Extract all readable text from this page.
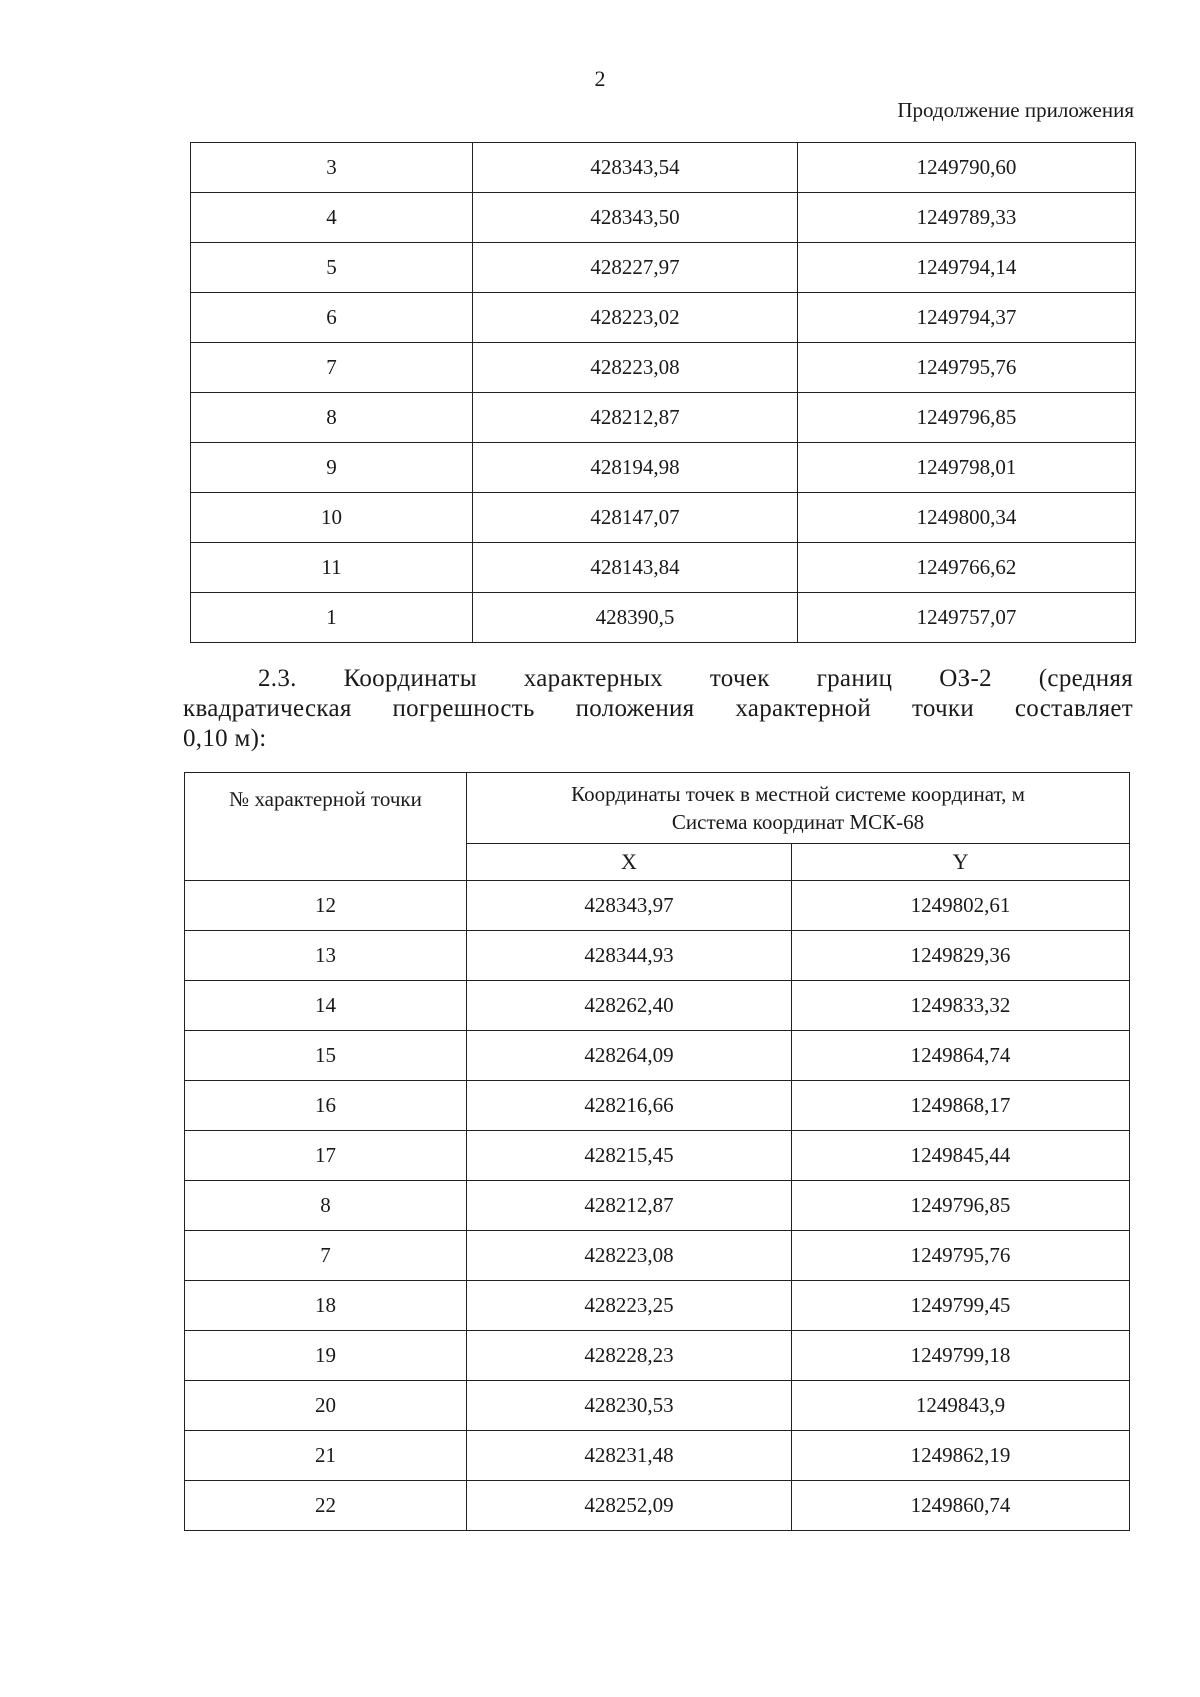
2
Продолжение приложения
3	428343,54	1249790,60
4	428343,50	1249789,33
5	428227,97	1249794,14
6	428223,02	1249794,37
7	428223,08	1249795,76
8	428212,87	1249796,85
9	428194,98	1249798,01
10	428147,07	1249800,34
11	428143,84	1249766,62
1	428390,5	1249757,07
2.3. Координаты характерных точек границ ОЗ-2 (средняя
квадратическая погрешность положения характерной точки составляет
0,10 м):
№ характерной точки	Координаты точек в местной системе координат, м
Система координат МСК-68	
	X	Y
12	428343,97	1249802,61
13	428344,93	1249829,36
14	428262,40	1249833,32
15	428264,09	1249864,74
16	428216,66	1249868,17
17	428215,45	1249845,44
8	428212,87	1249796,85
7	428223,08	1249795,76
18	428223,25	1249799,45
19	428228,23	1249799,18
20	428230,53	1249843,9
21	428231,48	1249862,19
22	428252,09	1249860,74
